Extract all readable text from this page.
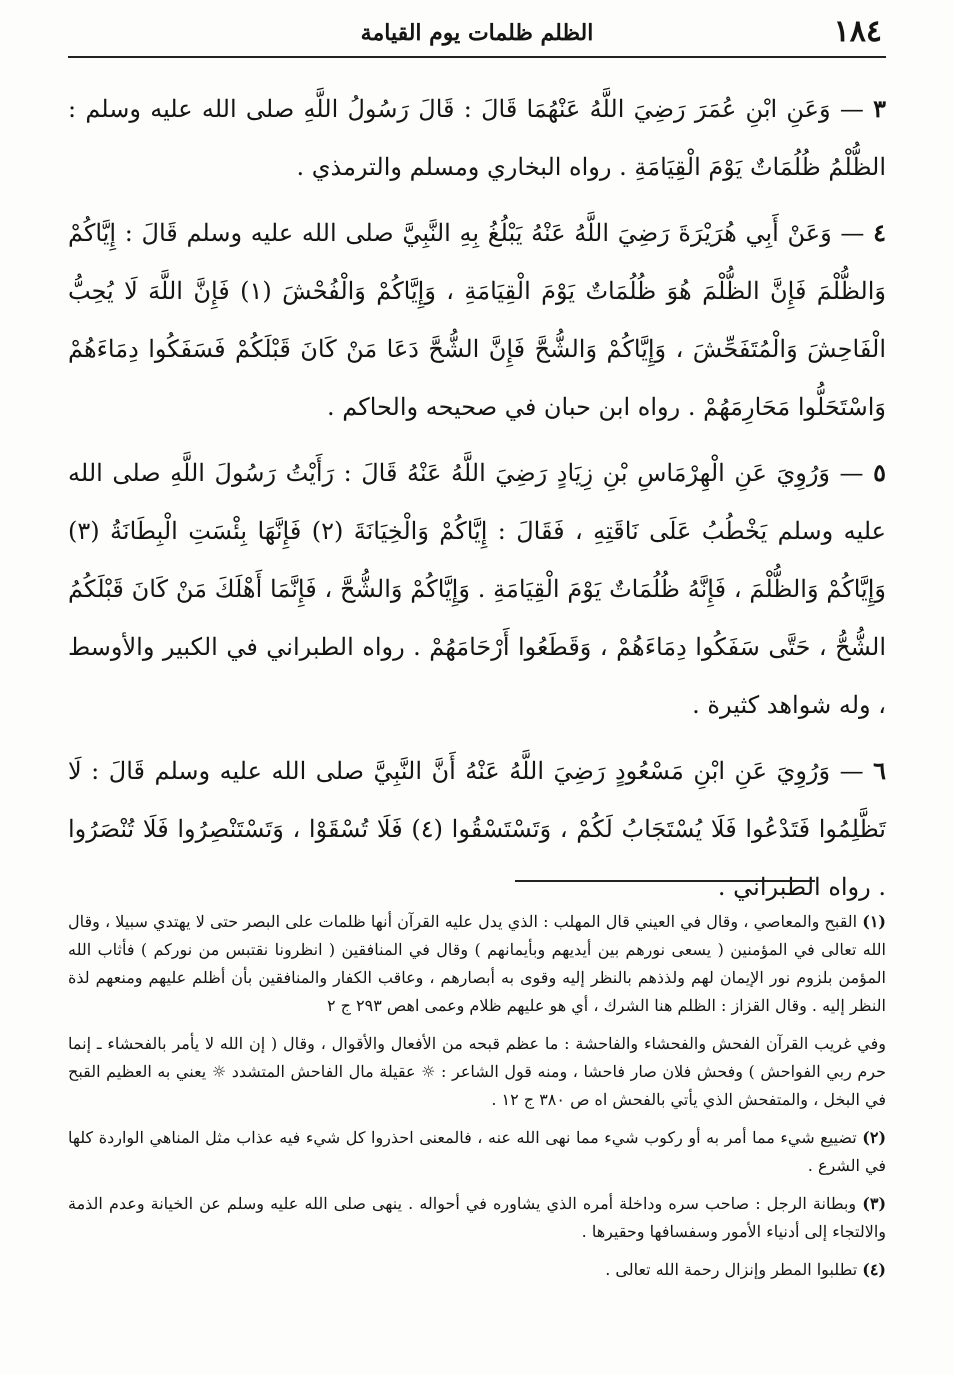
١٨٤
الظلم ظلمات يوم القيامة

٣ — وَعَنِ ابْنِ عُمَرَ رَضِيَ اللَّهُ عَنْهُمَا قَالَ : قَالَ رَسُولُ اللَّهِ صلى الله عليه وسلم : الظُّلْمُ ظُلُمَاتٌ يَوْمَ الْقِيَامَةِ . رواه البخاري ومسلم والترمذي .

٤ — وَعَنْ أَبِي هُرَيْرَةَ رَضِيَ اللَّهُ عَنْهُ يَبْلُغُ بِهِ النَّبِيَّ صلى الله عليه وسلم قَالَ : إِيَّاكُمْ وَالظُّلْمَ فَإِنَّ الظُّلْمَ هُوَ ظُلُمَاتٌ يَوْمَ الْقِيَامَةِ ، وَإِيَّاكُمْ وَالْفُحْشَ (١) فَإِنَّ اللَّهَ لَا يُحِبُّ الْفَاحِشَ وَالْمُتَفَحِّشَ ، وَإِيَّاكُمْ وَالشُّحَّ فَإِنَّ الشُّحَّ دَعَا مَنْ كَانَ قَبْلَكُمْ فَسَفَكُوا دِمَاءَهُمْ وَاسْتَحَلُّوا مَحَارِمَهُمْ . رواه ابن حبان في صحيحه والحاكم .

٥ — وَرُوِيَ عَنِ الْهِرْمَاسِ بْنِ زِيَادٍ رَضِيَ اللَّهُ عَنْهُ قَالَ : رَأَيْتُ رَسُولَ اللَّهِ صلى الله عليه وسلم يَخْطُبُ عَلَى نَاقَتِهِ ، فَقَالَ : إِيَّاكُمْ وَالْخِيَانَةَ (٢) فَإِنَّهَا بِئْسَتِ الْبِطَانَةُ (٣) وَإِيَّاكُمْ وَالظُّلْمَ ، فَإِنَّهُ ظُلُمَاتٌ يَوْمَ الْقِيَامَةِ . وَإِيَّاكُمْ وَالشُّحَّ ، فَإِنَّمَا أَهْلَكَ مَنْ كَانَ قَبْلَكُمُ الشُّحُّ ، حَتَّى سَفَكُوا دِمَاءَهُمْ ، وَقَطَعُوا أَرْحَامَهُمْ . رواه الطبراني في الكبير والأوسط ، وله شواهد كثيرة .

٦ — وَرُوِيَ عَنِ ابْنِ مَسْعُودٍ رَضِيَ اللَّهُ عَنْهُ أَنَّ النَّبِيَّ صلى الله عليه وسلم قَالَ : لَا تَظَّلِمُوا فَتَدْعُوا فَلَا يُسْتَجَابُ لَكُمْ ، وَتَسْتَسْقُوا (٤) فَلَا تُسْقَوْا ، وَتَسْتَنْصِرُوا فَلَا تُنْصَرُوا . رواه الطبراني .

(١) القبح والمعاصي ، وقال في العيني قال المهلب : الذي يدل عليه القرآن أنها ظلمات على البصر حتى لا يهتدي سبيلا ، وقال الله تعالى في المؤمنين ( يسعى نورهم بين أيديهم وبأيمانهم ) وقال في المنافقين ( انظرونا نقتبس من نوركم ) فأثاب الله المؤمن بلزوم نور الإيمان لهم ولذذهم بالنظر إليه وقوى به أبصارهم ، وعاقب الكفار والمنافقين بأن أظلم عليهم ومنعهم لذة النظر إليه . وقال القزاز : الظلم هنا الشرك ، أي هو عليهم ظلام وعمى اهص ٢٩٣ ج ٢

وفي غريب القرآن الفحش والفحشاء والفاحشة : ما عظم قبحه من الأفعال والأقوال ، وقال ( إن الله لا يأمر بالفحشاء ـ إنما حرم ربي الفواحش ) وفحش فلان صار فاحشا ، ومنه قول الشاعر : ☼ عقيلة مال الفاحش المتشدد ☼ يعني به العظيم القبح في البخل ، والمتفحش الذي يأتي بالفحش اه ص ٣٨٠ ج ١٢ .

(٢) تضييع شيء مما أمر به أو ركوب شيء مما نهى الله عنه ، فالمعنى احذروا كل شيء فيه عذاب مثل المناهي الواردة كلها في الشرع .

(٣) وبطانة الرجل : صاحب سره وداخلة أمره الذي يشاوره في أحواله . ينهى صلى الله عليه وسلم عن الخيانة وعدم الذمة والالتجاء إلى أدنياء الأمور وسفسافها وحقيرها .

(٤) تطلبوا المطر وإنزال رحمة الله تعالى .
